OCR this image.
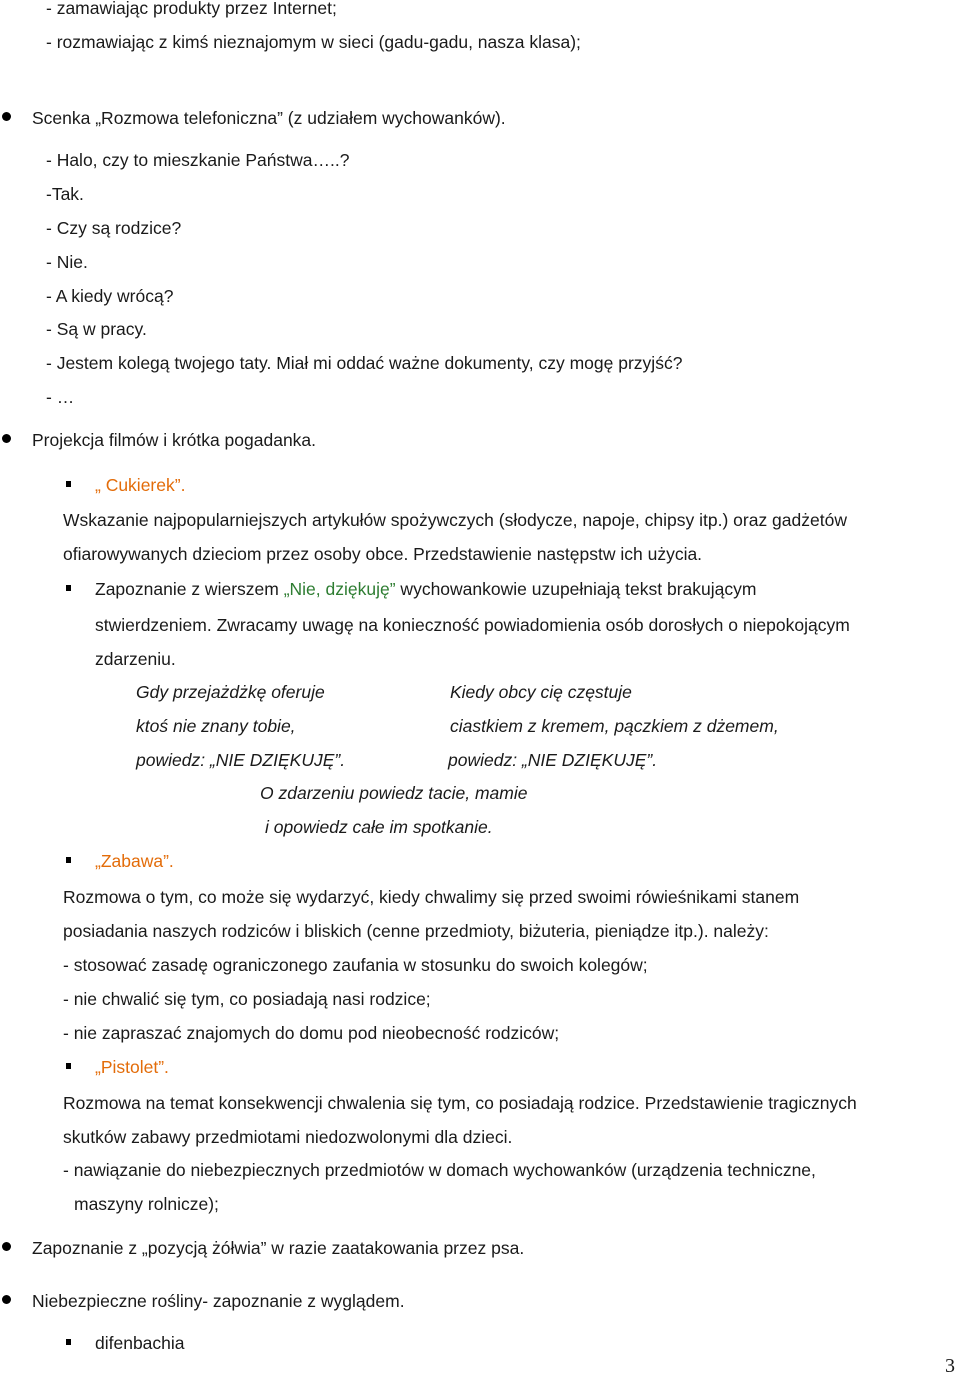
- zamawiając produkty przez Internet;
- rozmawiając z kimś nieznajomym w sieci (gadu-gadu, nasza klasa);
Scenka „Rozmowa telefoniczna” (z udziałem wychowanków).
- Halo, czy to mieszkanie Państwa…..?
-Tak.
- Czy są rodzice?
- Nie.
- A kiedy wrócą?
- Są w pracy.
- Jestem kolegą twojego taty. Miał mi oddać ważne dokumenty, czy mogę przyjść?
- …
Projekcja filmów i krótka pogadanka.
„ Cukierek”.
Wskazanie najpopularniejszych artykułów spożywczych (słodycze, napoje, chipsy itp.) oraz gadżetów
ofiarowywanych dzieciom przez osoby obce. Przedstawienie następstw ich użycia.
Zapoznanie z wierszem „Nie, dziękuję” wychowankowie uzupełniają tekst brakującym
stwierdzeniem. Zwracamy uwagę na konieczność powiadomienia osób dorosłych o niepokojącym
zdarzeniu.
Gdy przejażdżkę oferuje	Kiedy obcy cię częstuje
ktoś nie znany tobie,	ciastkiem z kremem, pączkiem z dżemem,
powiedz: „NIE DZIĘKUJĘ”.	powiedz: „NIE DZIĘKUJĘ”.
O zdarzeniu powiedz tacie, mamie
i opowiedz całe im spotkanie.
„Zabawa”.
Rozmowa o tym, co może się wydarzyć, kiedy chwalimy się przed swoimi rówieśnikami stanem
posiadania naszych rodziców i bliskich (cenne przedmioty, biżuteria, pieniądze itp.). należy:
- stosować zasadę ograniczonego zaufania w stosunku do swoich kolegów;
- nie chwalić się tym, co posiadają nasi rodzice;
- nie zapraszać znajomych do domu pod nieobecność rodziców;
„Pistolet”.
Rozmowa na temat konsekwencji chwalenia się tym, co posiadają rodzice. Przedstawienie tragicznych
skutków zabawy przedmiotami niedozwolonymi dla dzieci.
- nawiązanie do niebezpiecznych przedmiotów w domach wychowanków (urządzenia techniczne,
maszyny rolnicze);
Zapoznanie z „pozycją żółwia” w razie zaatakowania przez psa.
Niebezpieczne rośliny- zapoznanie z wyglądem.
difenbachia
3
